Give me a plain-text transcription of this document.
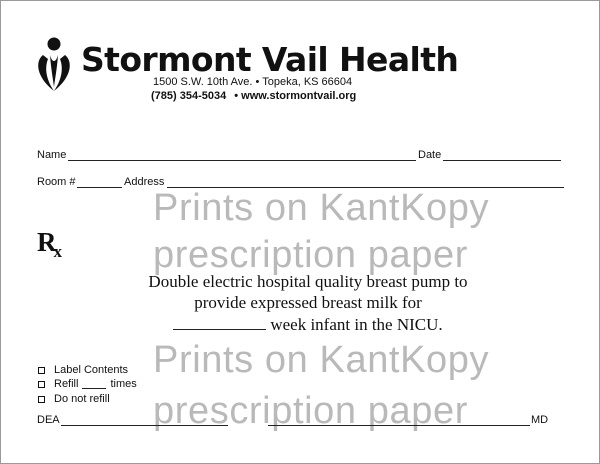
Stormont Vail Health
1500 S.W. 10th Ave. • Topeka, KS 66604
(785) 354-5034 • www.stormontvail.org
Name	Date
Room #	Address
Prints on KantKopy
prescription paper
Prints on KantKopy
prescription paper
$R_x$
Double electric hospital quality breast pump to
provide expressed breast milk for
week infant in the NICU.
Label Contents
Refill	times
Do not refill
DEA	MD
